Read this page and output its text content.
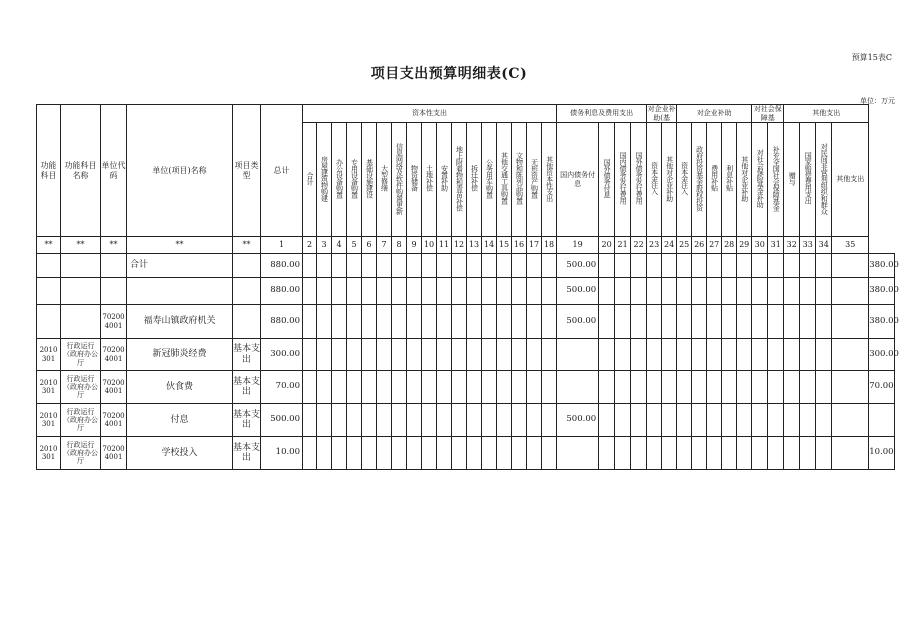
预算15表C
项目支出预算明细表(C)
单位：万元
功能科目	功能科目名称	单位代码	单位(项目)名称	项目类型	总计	资本性支出																	债务利息及费用支出				对企业补助(基		对企业补助					对社会保障基		其他支出				
						合计	房屋建筑物购建	办公设备购置	专用设备购置	基础设施建设	大型修缮	信息网络及软件购置更新	物资储备	土地补偿	安置补助	地上附着物和青苗补偿	拆迁补偿	公务用车购置	其他交通工具购置	文物和陈列品购置	无形资产购置	其他资本性支出	国内债务付息	国外债务付息	国内债务发行费用	国外债务发行费用	资本金注入	其他对企业补助	资本金注入	政府投资基金股权投资	费用补贴	利息补贴	其他对企业补助	对社会保险基金补助	补充全国社会保障基金	赠与	国家赔偿费用支出	对民间非营利组织和群众	其他支出	
**	**	**	**	**	1	2	3	4	5	6	7	8	9	10	11	12	13	14	15	16	17	18	19	20	21	22	23	24	25	26	27	28	29	30	31	32	33	34	35	
			合计		880.00																		500.00																	380.00
					880.00																		500.00																	380.00
		70200 4001	福寿山镇政府机关		880.00																		500.00																	380.00
2010 301	行政运行（政府办公厅	70200 4001	新冠肺炎经费	基本支出	300.00																																			300.00
2010 301	行政运行（政府办公厅	70200 4001	伙食费	基本支出	70.00																																			70.00
2010 301	行政运行（政府办公厅	70200 4001	付息	基本支出	500.00																		500.00																	
2010 301	行政运行（政府办公厅	70200 4001	学校投入	基本支出	10.00																																			10.00
